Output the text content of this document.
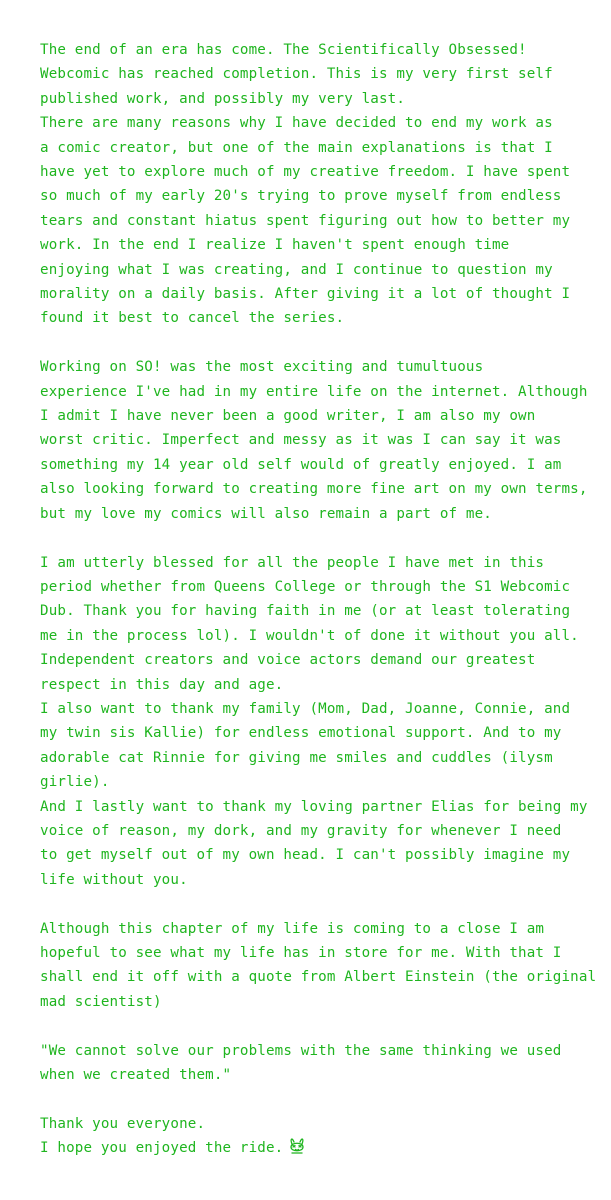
The end of an era has come. The Scientifically Obsessed!
Webcomic has reached completion. This is my very first self
published work, and possibly my very last.
There are many reasons why I have decided to end my work as
a comic creator, but one of the main explanations is that I
have yet to explore much of my creative freedom. I have spent
so much of my early 20's trying to prove myself from endless
tears and constant hiatus spent figuring out how to better my
work. In the end I realize I haven't spent enough time
enjoying what I was creating, and I continue to question my
morality on a daily basis. After giving it a lot of thought I
found it best to cancel the series.

Working on SO! was the most exciting and tumultuous
experience I've had in my entire life on the internet. Although
I admit I have never been a good writer, I am also my own
worst critic. Imperfect and messy as it was I can say it was
something my 14 year old self would of greatly enjoyed. I am
also looking forward to creating more fine art on my own terms,
but my love my comics will also remain a part of me.

I am utterly blessed for all the people I have met in this
period whether from Queens College or through the S1 Webcomic
Dub. Thank you for having faith in me (or at least tolerating
me in the process lol). I wouldn't of done it without you all.
Independent creators and voice actors demand our greatest
respect in this day and age.
I also want to thank my family (Mom, Dad, Joanne, Connie, and
my twin sis Kallie) for endless emotional support. And to my
adorable cat Rinnie for giving me smiles and cuddles (ilysm girlie).
And I lastly want to thank my loving partner Elias for being my
voice of reason, my dork, and my gravity for whenever I need
to get myself out of my own head. I can't possibly imagine my
life without you.

Although this chapter of my life is coming to a close I am
hopeful to see what my life has in store for me. With that I
shall end it off with a quote from Albert Einstein (the original
mad scientist)

"We cannot solve our problems with the same thinking we used
when we created them."

Thank you everyone.
I hope you enjoyed the ride.
